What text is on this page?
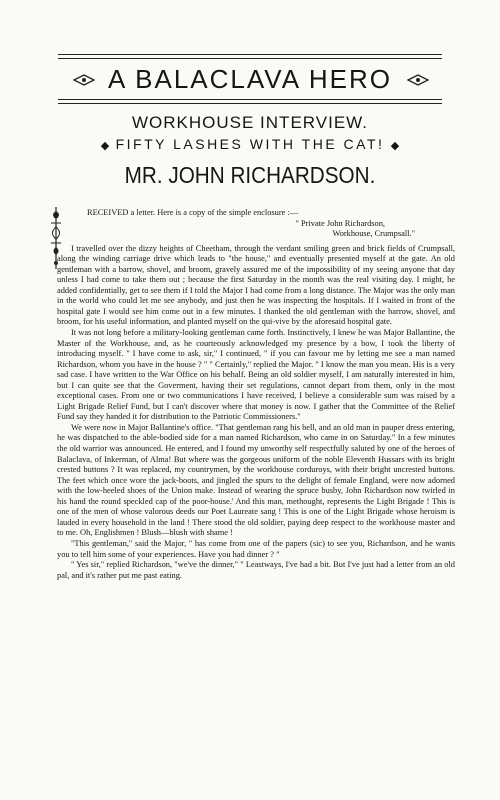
A BALACLAVA HERO
WORKHOUSE INTERVIEW.
◆ FIFTY LASHES WITH THE CAT! ◆
MR. JOHN RICHARDSON.

RECEIVED a letter. Here is a copy of the simple enclosure :—

" Private John Richardson,

Workhouse, Crumpsall."

I travelled over the dizzy heights of Cheetham, through the verdant smiling green and brick fields of Crumpsall, along the winding carriage drive which leads to "the house," and eventually presented myself at the gate. An old gentleman with a barrow, shovel, and broom, gravely assured me of the impossibility of my seeing anyone that day unless I had come to take them out ; because the first Saturday in the month was the real visiting day. I might, he added confidentially, get to see them if I told the Major I had come from a long distance. The Major was the only man in the world who could let me see anybody, and just then he was inspecting the hospitals. If I waited in front of the hospital gate I would see him come out in a few minutes. I thanked the old gentleman with the barrow, shovel, and broom, for his useful information, and planted myself on the qui-vive by the aforesaid hospital gate.

It was not long before a military-looking gentleman came forth. Instinctively, I knew he was Major Ballantine, the Master of the Workhouse, and, as he courteously acknowledged my presence by a bow, I took the liberty of introducing myself. " I have come to ask, sir," I continued, " if you can favour me by letting me see a man named Richardson, whom you have in the house ? " " Certainly," replied the Major. " I know the man you mean. His is a very sad case. I have written to the War Office on his behalf. Being an old soldier myself, I am naturally interested in him, but I can quite see that the Goverment, having their set regulations, cannot depart from them, only in the most exceptional cases. From one or two communications I have received, I believe a considerable sum was raised by a Light Brigade Relief Fund, but I can't discover where that money is now. I gather that the Committee of the Relief Fund say they handed it for distribution to the Patriotic Commissioners."

We were now in Major Ballantine's office. "That gentleman rang his bell, and an old man in pauper dress entering, he was dispatched to the able-bodied side for a man named Richardson, who came in on Saturday." In a few minutes the old warrior was announced. He entered, and I found my unworthy self respectfully saluted by one of the heroes of Balaclava, of Inkerman, of Alma! But where was the gorgeous uniform of the noble Eleventh Hussars with its bright crested buttons ? It was replaced, my countrymen, by the workhouse corduroys, with their bright uncrested buttons. The feet which once wore the jack-boots, and jingled the spurs to the delight of female England, were now adorned with the low-heeled shoes of the Union make. Instead of wearing the spruce busby, John Richardson now twirled in his hand the round speckled cap of the poor-house.' And this man, methought, represents the Light Brigade ! This is one of the men of whose valorous deeds our Poet Laureate sang ! This is one of the Light Brigade whose heroism is lauded in every household in the land ! There stood the old soldier, paying deep respect to the workhouse master and to me. Oh, Englishmen ! Blush—blush with shame !

"This gentleman," said the Major, " has come from one of the papers (sic) to see you, Richardson, and he wants you to tell him some of your experiences. Have you had dinner ? "

" Yes sir," replied Richardson, "we've the dinner," " Leastways, I've had a bit. But I've just had a letter from an old pal, and it's rather put me past eating.
